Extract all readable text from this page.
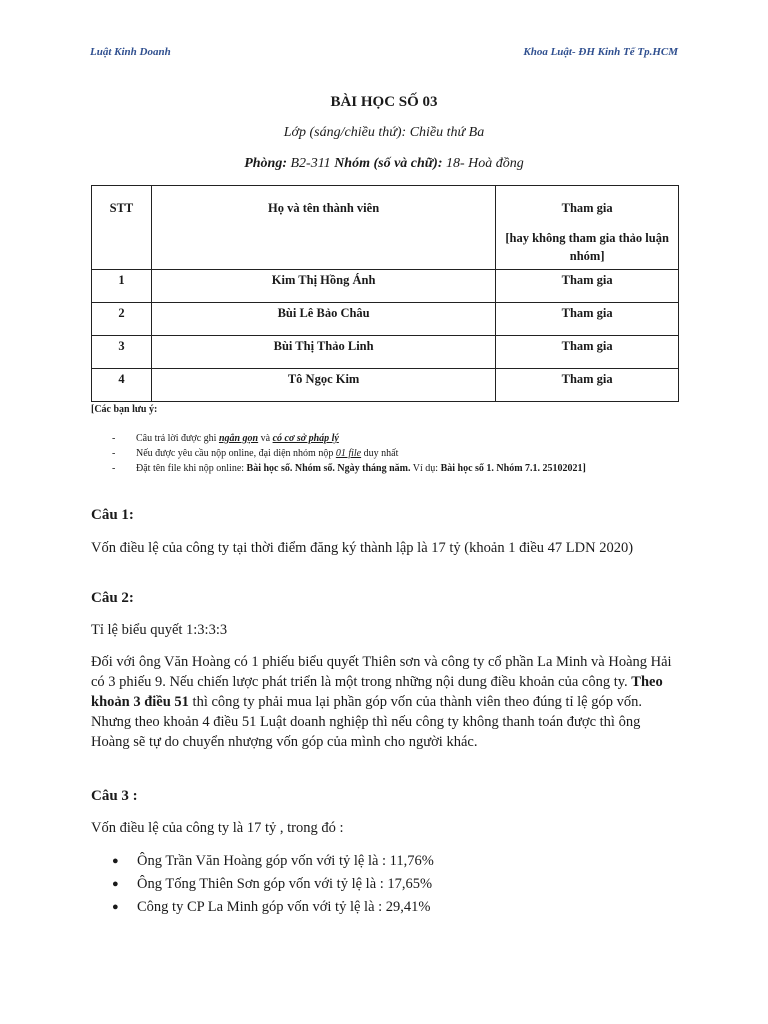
Luật Kinh Doanh	Khoa Luật- ĐH Kinh Tế Tp.HCM
BÀI HỌC SỐ 03
Lớp (sáng/chiều thứ): Chiều thứ Ba
Phòng: B2-311 Nhóm (số và chữ): 18- Hoà đồng
STT	Họ và tên thành viên	Tham gia
[hay không tham gia thảo luận nhóm]

1	Kim Thị Hồng Ánh	Tham gia
2	Bùi Lê Bảo Châu	Tham gia
3	Bùi Thị Thảo Linh	Tham gia
4	Tô Ngọc Kim	Tham gia
[Các bạn lưu ý:
- Câu trả lời được ghi ngắn gọn và có cơ sở pháp lý
- Nếu được yêu cầu nộp online, đại diện nhóm nộp 01 file duy nhất
- Đặt tên file khi nộp online: Bài học số. Nhóm số. Ngày tháng năm. Ví dụ: Bài học số 1. Nhóm 7.1. 25102021]
Câu 1:
Vốn điều lệ của công ty tại thời điểm đăng ký thành lập là 17 tỷ (khoản 1 điều 47 LDN 2020)
Câu 2:
Tỉ lệ biểu quyết 1:3:3:3
Đối với ông Văn Hoàng có 1 phiếu biểu quyết Thiên sơn và công ty cổ phần La Minh và Hoàng Hải có 3 phiếu 9. Nếu chiến lược phát triển là một trong những nội dung điều khoản của công ty. Theo khoản 3 điều 51 thì công ty phải mua lại phần góp vốn của thành viên theo đúng tỉ lệ góp vốn. Nhưng theo khoản 4 điều 51 Luật doanh nghiệp thì nếu công ty không thanh toán được thì ông Hoàng sẽ tự do chuyển nhượng vốn góp của mình cho người khác.
Câu 3 :
Vốn điều lệ của công ty là 17 tỷ , trong đó :
● Ông Trần Văn Hoàng góp vốn với tỷ lệ là : 11,76%
● Ông Tống Thiên Sơn góp vốn với tỷ lệ là : 17,65%
● Công ty CP La Minh góp vốn với tỷ lệ là : 29,41%
